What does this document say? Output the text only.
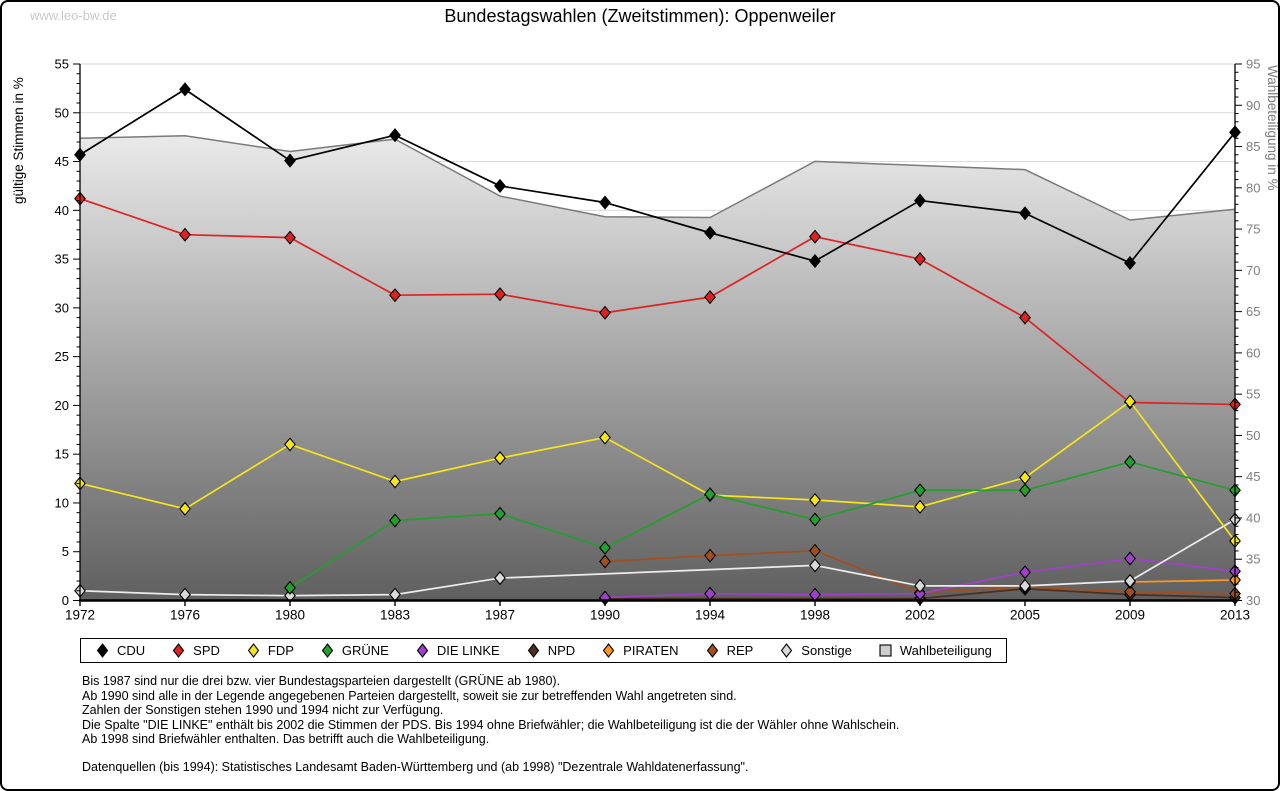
www.leo-bw.de	Bundestagswahlen (Zweitstimmen): Oppenweiler
0
5
10
15
20
25
30
35
40
45
50
55
30
35
40
45
50
55
60
65
70
75
80
85
90
95
1972	1976	1980	1983	1987	1990	1994	1998	2002	2005	2009	2013
gültige Stimmen in %	Wahlbeteiligung in %
CDU	SPD	FDP	GRÜNE	DIE LINKE	NPD	PIRATEN	REP	Sonstige	Wahlbeteiligung
Bis 1987 sind nur die drei bzw. vier Bundestagsparteien dargestellt (GRÜNE ab 1980).
Ab 1990 sind alle in der Legende angegebenen Parteien dargestellt, soweit sie zur betreffenden Wahl angetreten sind.
Zahlen der Sonstigen stehen 1990 und 1994 nicht zur Verfügung.
Die Spalte "DIE LINKE" enthält bis 2002 die Stimmen der PDS. Bis 1994 ohne Briefwähler; die Wahlbeteiligung ist die der Wähler ohne Wahlschein.
Ab 1998 sind Briefwähler enthalten. Das betrifft auch die Wahlbeteiligung.
Datenquellen (bis 1994): Statistisches Landesamt Baden-Württemberg und (ab 1998) "Dezentrale Wahldatenerfassung".
